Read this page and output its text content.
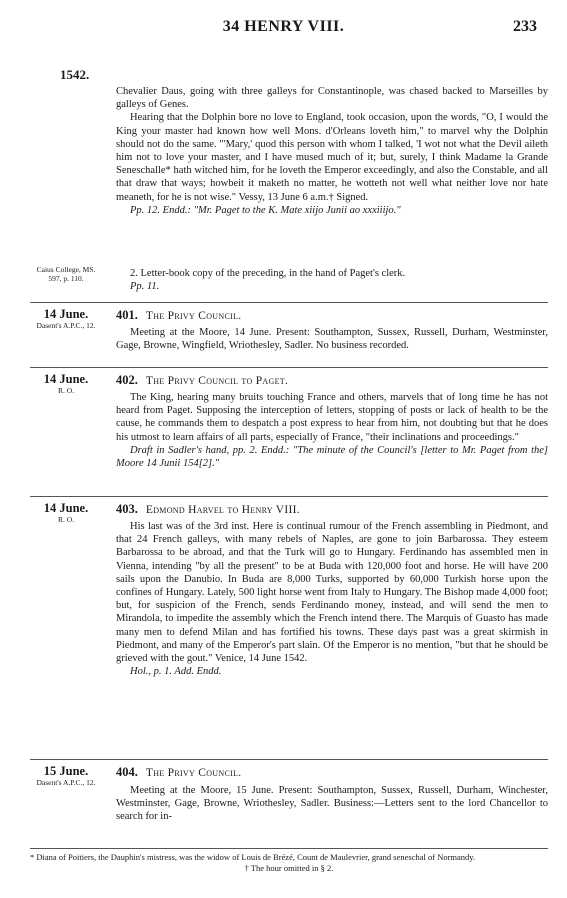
34 HENRY VIII.	233
1542.

Chevalier Daus, going with three galleys for Constantinople, was chased backed to Marseilles by galleys of Genes.

Hearing that the Dolphin bore no love to England, took occasion, upon the words, "O, I would the King your master had known how well Mons. d'Orleans loveth him," to marvel why the Dolphin should not do the same. "'Mary,' quod this person with whom I talked, 'I wot not what the Devil aileth him not to love your master, and I have mused much of it; but, surely, I think Madame la Grande Seneschalle* hath witched him, for he loveth the Emperor exceedingly, and also the Constable, and all that draw that ways; howbeit it maketh no matter, he wotteth not well what neither love nor hate meaneth, for he is not wise." Vessy, 13 June 6 a.m.† Signed.

Pp. 12. Endd.: "Mr. Paget to the K. Mate xiijo Junii ao xxxiiijo."

Caius College, MS. 597, p. 110.	2. Letter-book copy of the preceding, in the hand of Paget's clerk.

Pp. 11.

14 June.
Dasent's A.P.C., 12.
401. The Privy Council.

Meeting at the Moore, 14 June. Present: Southampton, Sussex, Russell, Durham, Westminster, Gage, Browne, Wingfield, Wriothesley, Sadler. No business recorded.

14 June.
R. O.
402. The Privy Council to Paget.

The King, hearing many bruits touching France and others, marvels that of long time he has not heard from Paget. Supposing the interception of letters, stopping of posts or lack of health to be the cause, he commands them to despatch a post express to hear from him, not doubting but that he does his utmost to learn affairs of all parts, especially of France, "their inclinations and proceedings."

Draft in Sadler's hand, pp. 2. Endd.: "The minute of the Council's [letter to Mr. Paget from the] Moore 14 Junii 154[2]."

14 June.
R. O.
403. Edmond Harvel to Henry VIII.

His last was of the 3rd inst. Here is continual rumour of the French assembling in Piedmont, and that 24 French galleys, with many rebels of Naples, are gone to join Barbarossa. They esteem Barbarossa to be abroad, and that the Turk will go to Hungary. Ferdinando has assembled men in Vienna, intending "by all the present" to be at Buda with 120,000 foot and horse. He will have 200 sails upon the Danubio. In Buda are 8,000 Turks, supported by 60,000 Turkish horse upon the confines of Hungary. Lately, 500 light horse went from Italy to Hungary. The Bishop made 4,000 foot; but, for suspicion of the French, sends Ferdinando money, instead, and will send the men to Mirandola, to impedite the assembly which the French intend there. The Marquis of Guasto has made many men to defend Milan and has fortified his towns. These days past was a great skirmish in Piedmont, and many of the Emperor's part slain. Of the Emperor is no mention, "but that he should be grieved with the gout." Venice, 14 June 1542.

Hol., p. 1. Add. Endd.

15 June.
Dasent's A.P.C., 12.
404. The Privy Council.

Meeting at the Moore, 15 June. Present: Southampton, Sussex, Russell, Durham, Winchester, Westminster, Gage, Browne, Wriothesley, Sadler. Business:—Letters sent to the lord Chancellor to search for in-

* Diana of Poitiers, the Dauphin's mistress, was the widow of Louis de Brézé, Count de Maulevrier, grand seneschal of Normandy.

† The hour omitted in § 2.
